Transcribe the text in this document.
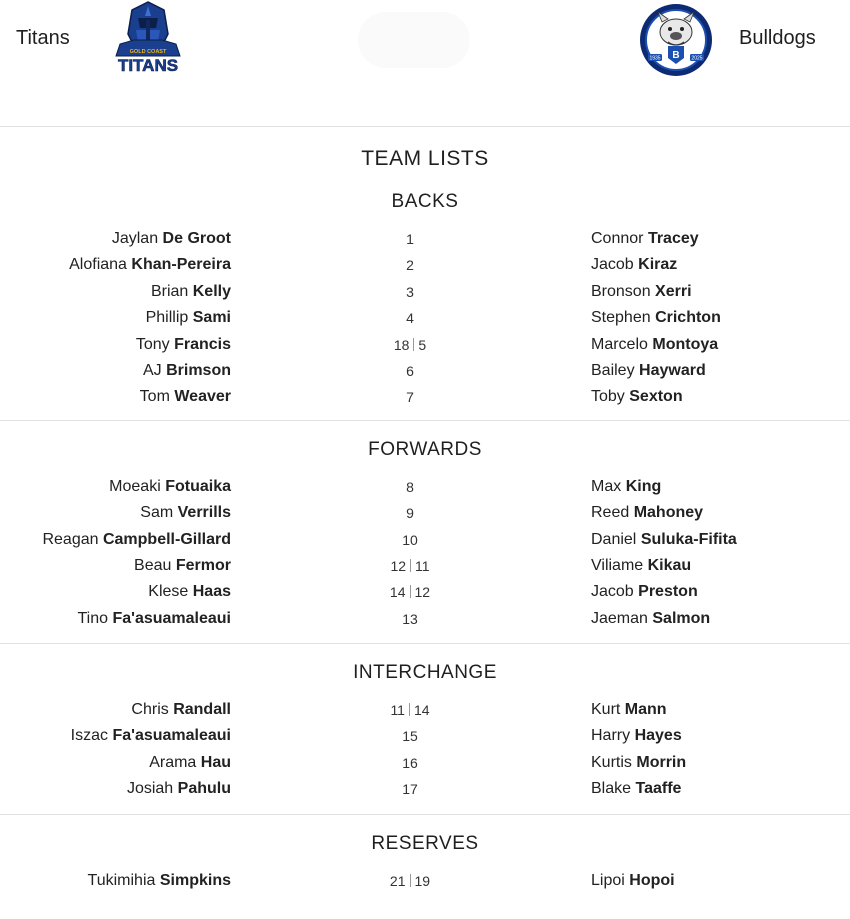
Titans
GOLD COAST
TITANS
B
1935	2025
Bulldogs
TEAM LISTS
BACKS
Jaylan De Groot	1	Connor Tracey
Alofiana Khan-Pereira	2	Jacob Kiraz
Brian Kelly	3	Bronson Xerri
Phillip Sami	4	Stephen Crichton
Tony Francis	18 5	Marcelo Montoya
AJ Brimson	6	Bailey Hayward
Tom Weaver	7	Toby Sexton
FORWARDS
Moeaki Fotuaika	8	Max King
Sam Verrills	9	Reed Mahoney
Reagan Campbell-Gillard	10	Daniel Suluka-Fifita
Beau Fermor	12 11	Viliame Kikau
Klese Haas	14 12	Jacob Preston
Tino Fa'asuamaleaui	13	Jaeman Salmon
INTERCHANGE
Chris Randall	11 14	Kurt Mann
Iszac Fa'asuamaleaui	15	Harry Hayes
Arama Hau	16	Kurtis Morrin
Josiah Pahulu	17	Blake Taaffe
RESERVES
Tukimihia Simpkins	21 19	Lipoi Hopoi
